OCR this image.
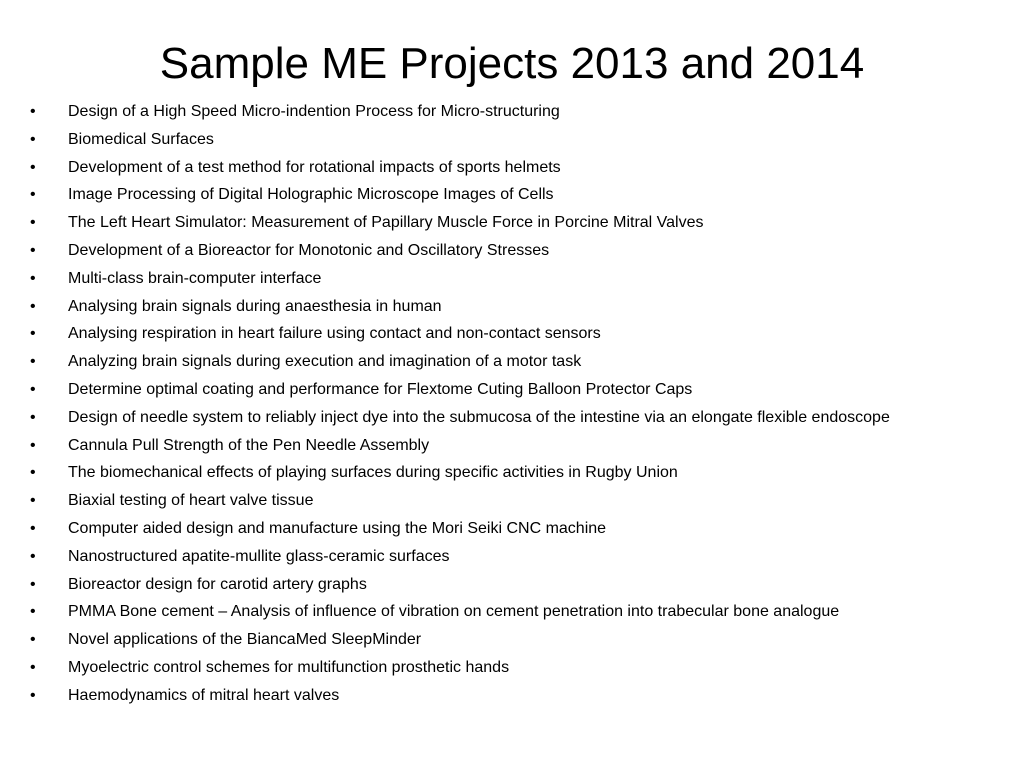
Sample ME Projects 2013 and 2014
•	Design of a High Speed Micro-indention Process for Micro-structuring
•	Biomedical Surfaces
•	Development of a test method for rotational impacts of sports helmets
•	Image Processing of Digital Holographic Microscope Images of Cells
•	The Left Heart Simulator: Measurement of Papillary Muscle Force in Porcine Mitral Valves
•	Development of a Bioreactor for Monotonic and Oscillatory Stresses
•	Multi-class brain-computer interface
•	Analysing brain signals during anaesthesia in human
•	Analysing respiration in heart failure using contact and non-contact sensors
•	Analyzing brain signals during execution and imagination of a motor task
•	Determine optimal coating and performance for Flextome Cuting Balloon Protector Caps
•	Design of needle system to reliably inject dye into the submucosa of the intestine via an elongate flexible endoscope
•	Cannula Pull Strength of the Pen Needle Assembly
•	The biomechanical effects of playing surfaces during specific activities in Rugby Union
•	Biaxial testing of heart valve tissue
•	Computer aided design and manufacture using the Mori Seiki CNC machine
•	Nanostructured apatite-mullite glass-ceramic surfaces
•	Bioreactor design for carotid artery graphs
•	PMMA Bone cement – Analysis of influence of vibration on cement penetration into trabecular bone analogue
•	Novel applications of the BiancaMed SleepMinder
•	Myoelectric control schemes for multifunction prosthetic hands
•	Haemodynamics of mitral heart valves
